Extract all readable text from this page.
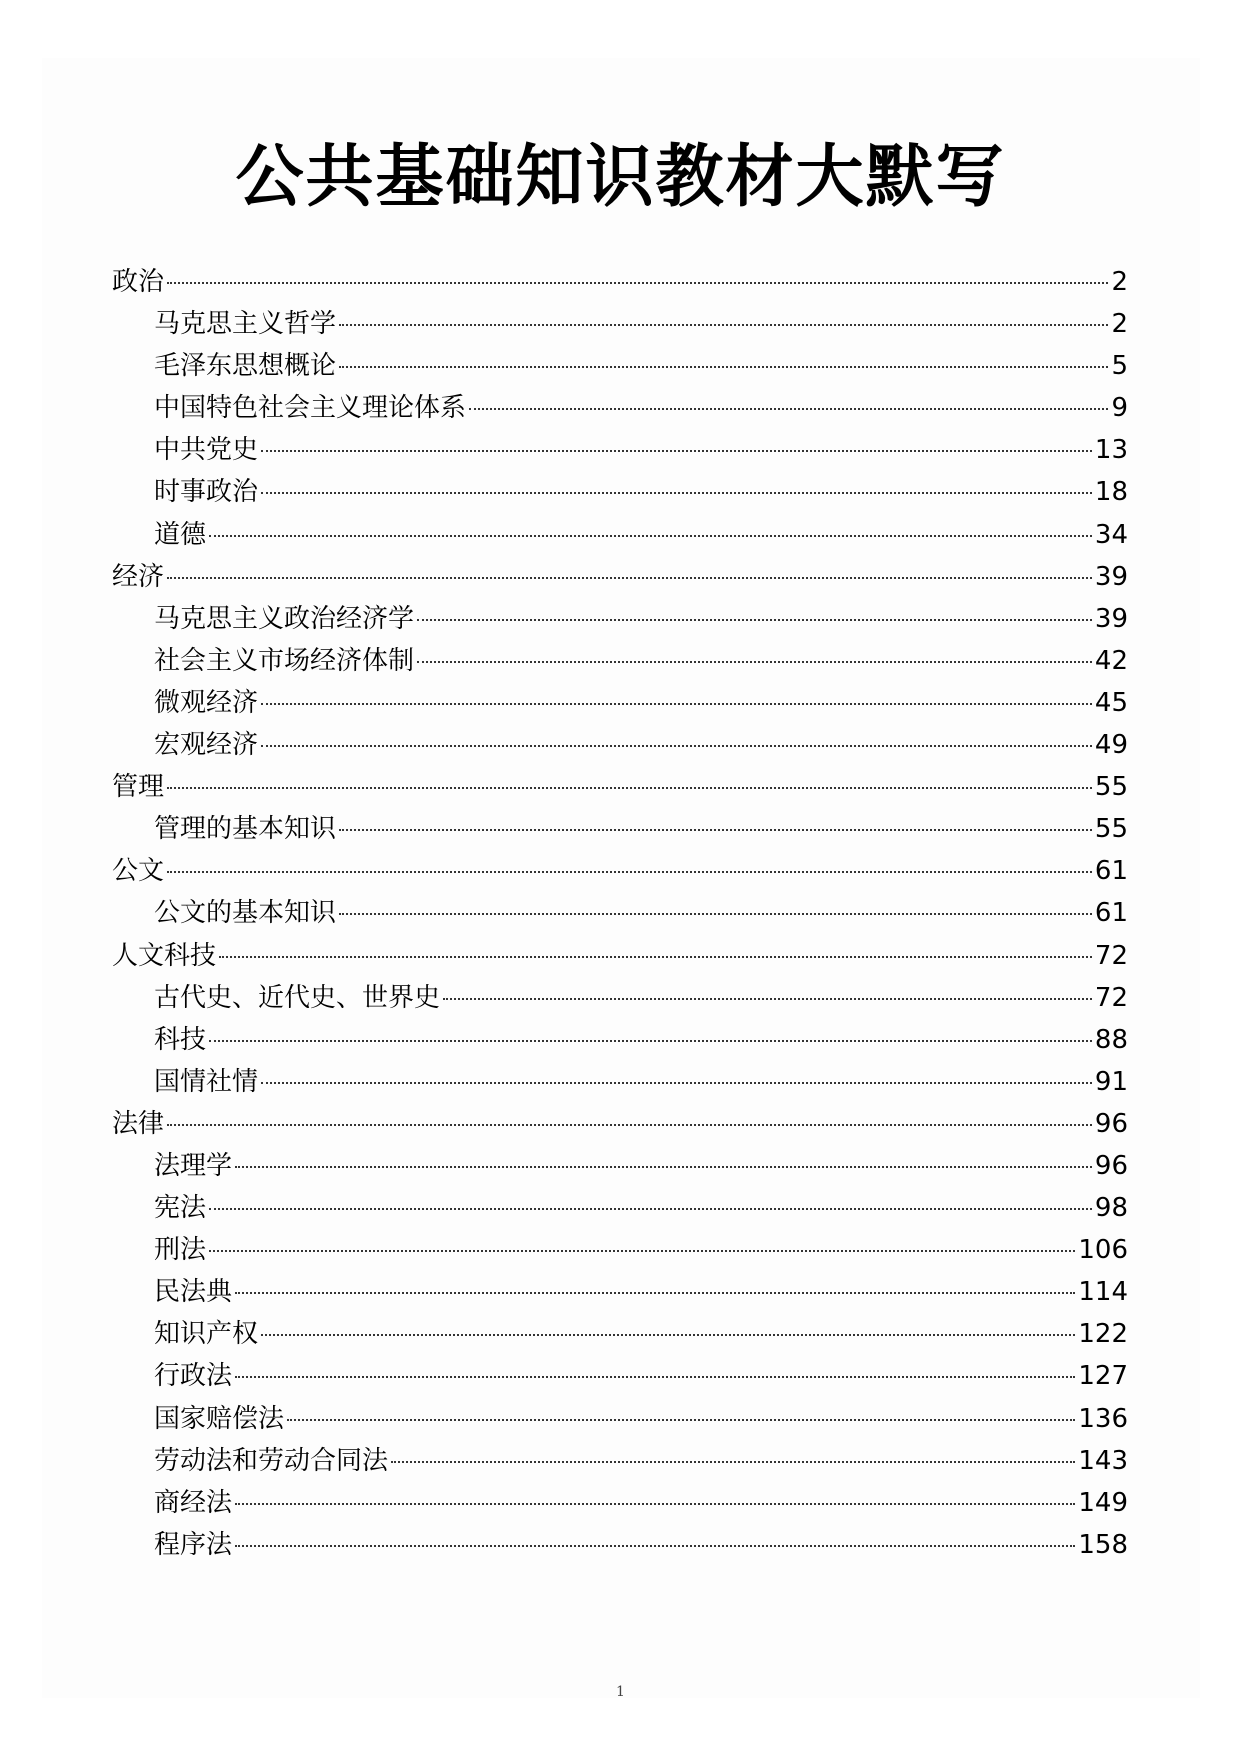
公共基础知识教材大默写
政治	2
马克思主义哲学	2
毛泽东思想概论	5
中国特色社会主义理论体系	9
中共党史	13
时事政治	18
道德	34
经济	39
马克思主义政治经济学	39
社会主义市场经济体制	42
微观经济	45
宏观经济	49
管理	55
管理的基本知识	55
公文	61
公文的基本知识	61
人文科技	72
古代史、近代史、世界史	72
科技	88
国情社情	91
法律	96
法理学	96
宪法	98
刑法	106
民法典	114
知识产权	122
行政法	127
国家赔偿法	136
劳动法和劳动合同法	143
商经法	149
程序法	158
1
